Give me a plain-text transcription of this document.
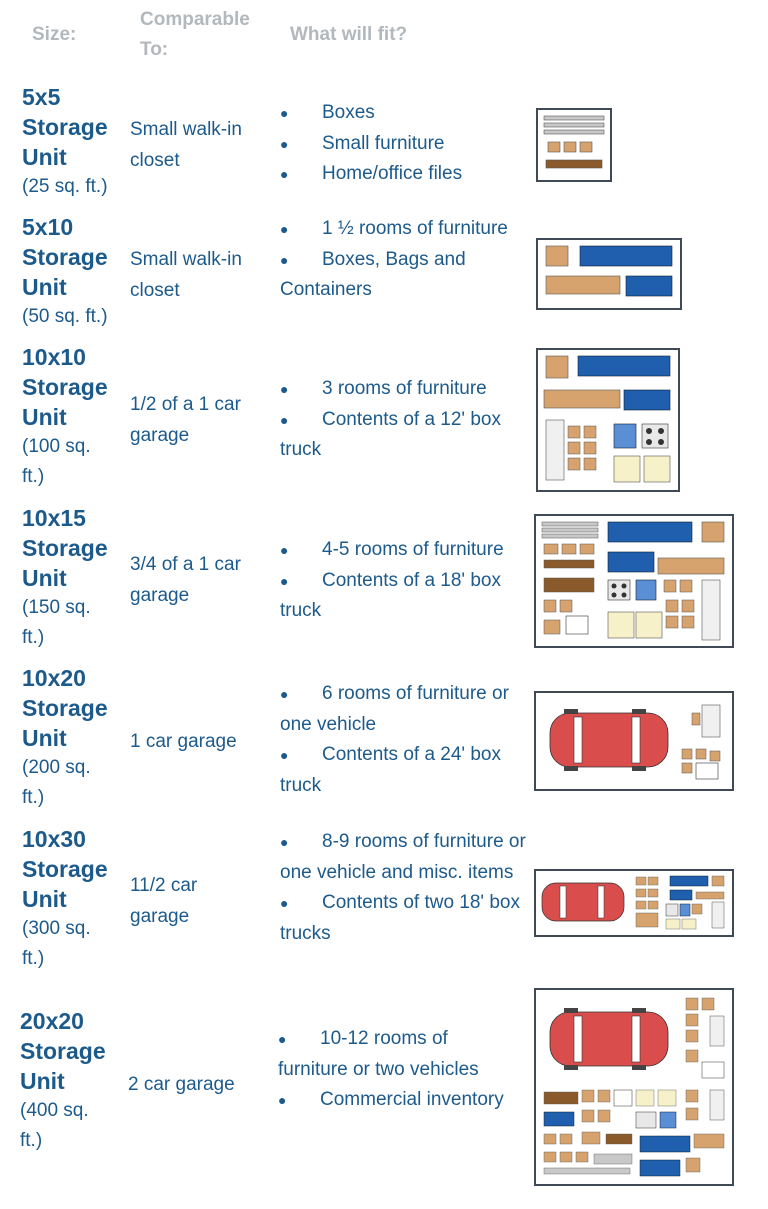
Size:
Comparable
To:
What will fit?
5x5
Storage
Unit
(25 sq. ft.)
Small walk-in closet
● Boxes
● Small furniture
● Home/office files
5x10
Storage
Unit
(50 sq. ft.)
Small walk-in closet
● 1 ½ rooms of furniture
● Boxes, Bags and Containers
10x10
Storage
Unit
(100 sq.
ft.)
1/2 of a 1 car garage
● 3 rooms of furniture
● Contents of a 12' box truck
10x15
Storage
Unit
(150 sq.
ft.)
3/4 of a 1 car garage
● 4-5 rooms of furniture
● Contents of a 18' box truck
10x20
Storage
Unit
(200 sq.
ft.)
1 car garage
● 6 rooms of furniture or one vehicle
● Contents of a 24' box truck
10x30
Storage
Unit
(300 sq.
ft.)
11/2 car garage
● 8-9 rooms of furniture or one vehicle and misc. items
● Contents of two 18' box trucks
20x20
Storage
Unit
(400 sq.
ft.)
2 car garage
● 10-12 rooms of furniture or two vehicles
● Commercial inventory
